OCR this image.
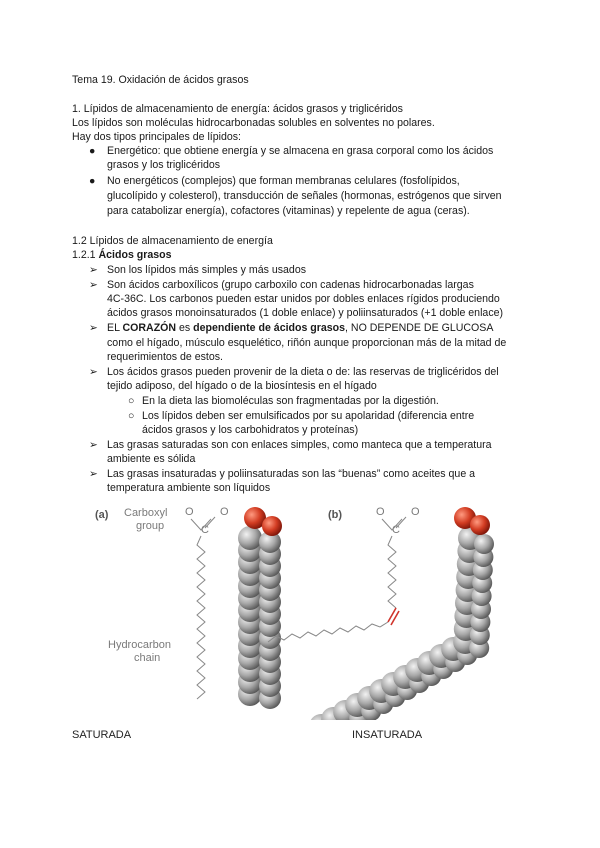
Tema 19. Oxidación de ácidos grasos
1. Lípidos de almacenamiento de energía: ácidos grasos y triglicéridos
Los lípidos son moléculas hidrocarbonadas solubles en solventes no polares.
Hay dos tipos principales de lípidos:
● Energético: que obtiene energía y se almacena en grasa corporal como los ácidos
grasos y los triglicéridos
● No energéticos (complejos) que forman membranas celulares (fosfolípidos,
glucolípido y colesterol), transducción de señales (hormonas, estrógenos que sirven
para catabolizar energía), cofactores (vitaminas) y repelente de agua (ceras).
1.2 Lípidos de almacenamiento de energía
1.2.1 Ácidos grasos
➢ Son los lípidos más simples y más usados
➢ Son ácidos carboxílicos (grupo carboxilo con cadenas hidrocarbonadas largas
4C-36C. Los carbonos pueden estar unidos por dobles enlaces rígidos produciendo
ácidos grasos monoinsaturados (1 doble enlace) y poliinsaturados (+1 doble enlace)
➢ EL CORAZÓN es dependiente de ácidos grasos, NO DEPENDE DE GLUCOSA
como el hígado, músculo esquelético, riñón aunque proporcionan más de la mitad de
requerimientos de estos.
➢ Los ácidos grasos pueden provenir de la dieta o de: las reservas de triglicéridos del
tejido adiposo, del hígado o de la biosíntesis en el hígado
○ En la dieta las biomoléculas son fragmentadas por la digestión.
○ Los lípidos deben ser emulsificados por su apolaridad (diferencia entre
ácidos grasos y los carbohidratos y proteínas)
➢ Las grasas saturadas son con enlaces simples, como manteca que a temperatura
ambiente es sólida
➢ Las grasas insaturadas y poliinsaturadas son las “buenas” como aceites que a
temperatura ambiente son líquidos
(a) Carboxyl
group
Hydrocarbon
chain
O O
C
(b)	O O
C
SATURADA	INSATURADA
